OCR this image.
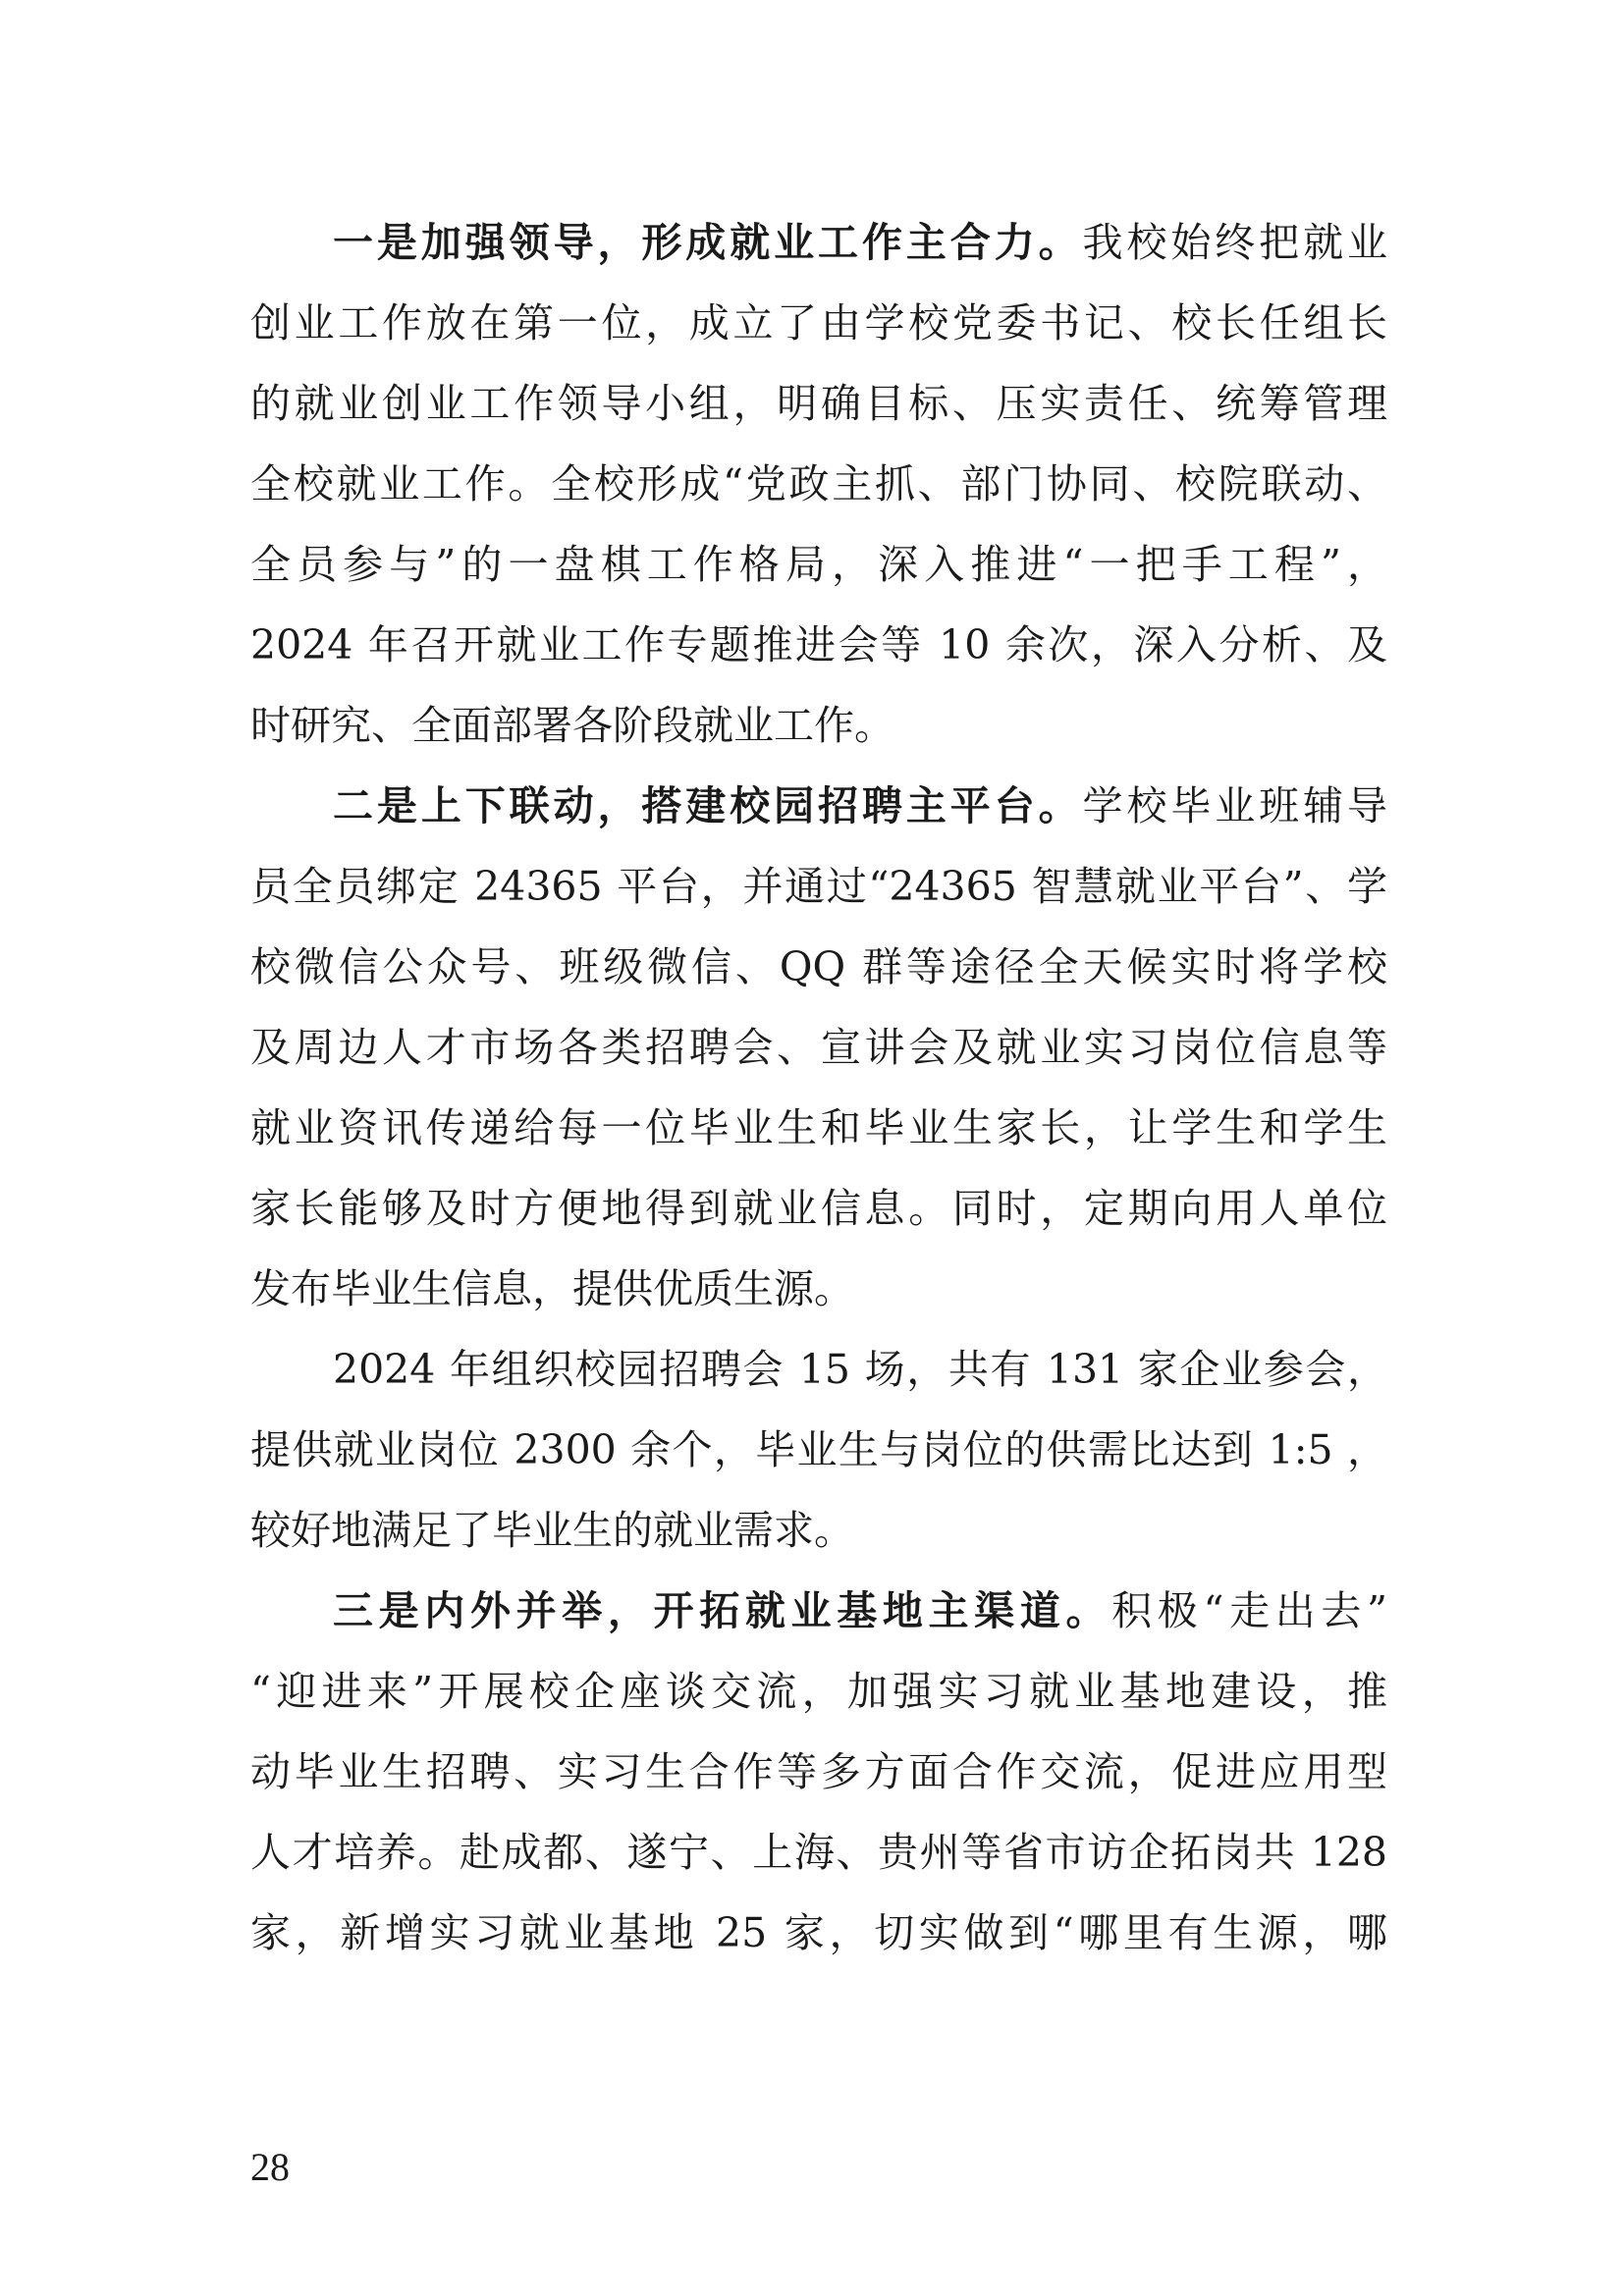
一是加强领导，形成就业工作主合力。我校始终把就业
创业工作放在第一位，成立了由学校党委书记、校长任组长
的就业创业工作领导小组，明确目标、压实责任、统筹管理
全校就业工作。全校形成“党政主抓、部门协同、校院联动、
全员参与”的一盘棋工作格局，深入推进“一把手工程”，
2024 年召开就业工作专题推进会等 10 余次，深入分析、及
时研究、全面部署各阶段就业工作。
二是上下联动，搭建校园招聘主平台。学校毕业班辅导
员全员绑定 24365 平台，并通过“24365 智慧就业平台”、学
校微信公众号、班级微信、QQ 群等途径全天候实时将学校
及周边人才市场各类招聘会、宣讲会及就业实习岗位信息等
就业资讯传递给每一位毕业生和毕业生家长，让学生和学生
家长能够及时方便地得到就业信息。同时，定期向用人单位
发布毕业生信息，提供优质生源。
2024 年组织校园招聘会 15 场，共有 131 家企业参会，
提供就业岗位 2300 余个，毕业生与岗位的供需比达到 1:5 ，
较好地满足了毕业生的就业需求。
三是内外并举，开拓就业基地主渠道。积极“走出去”
“迎进来”开展校企座谈交流，加强实习就业基地建设，推
动毕业生招聘、实习生合作等多方面合作交流，促进应用型
人才培养。赴成都、遂宁、上海、贵州等省市访企拓岗共 128
家，新增实习就业基地 25 家，切实做到“哪里有生源，哪
28
